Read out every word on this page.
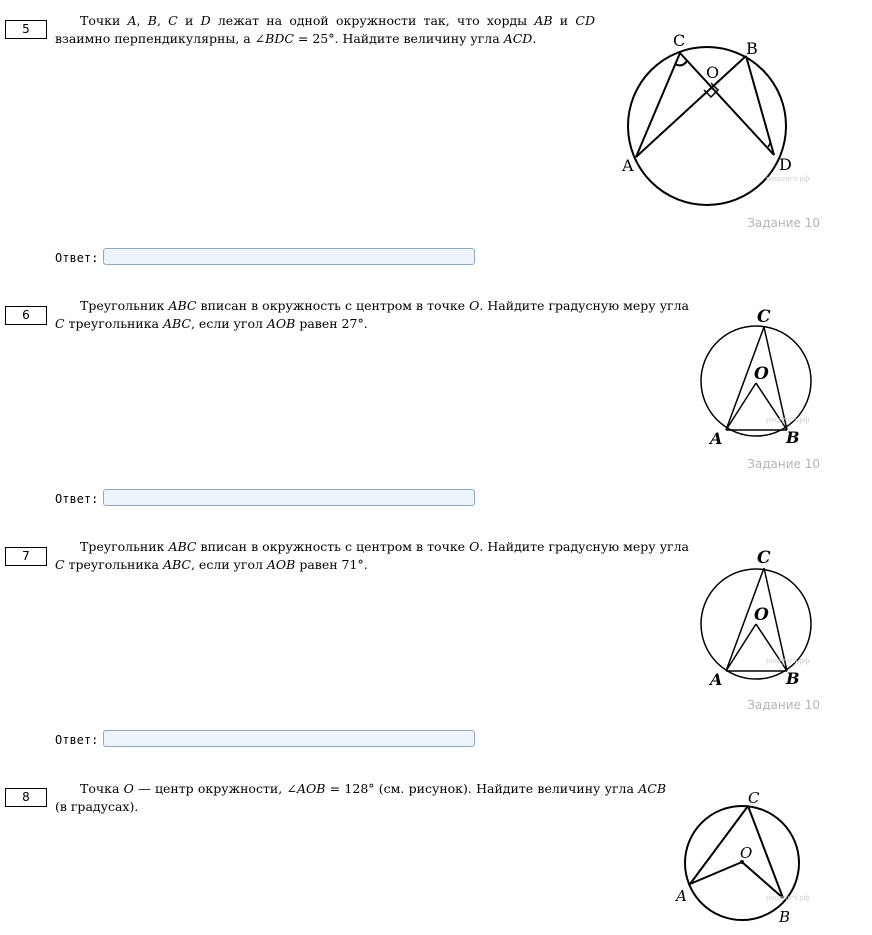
5
Точки A, B, C и D лежат на одной окружности так, что хорды AB и CD взаимно перпендикулярны, а ∠BDC = 25°. Найдите величину угла ACD.	C	B
O
A	D
решуогэ.рф
Задание 10
Ответ:
6
Треугольник ABC вписан в окружность с центром в точке O. Найдите градусную меру угла C треугольника ABC, если угол AOB равен 27°.	C
O
A	B
решуогэ.рф
Задание 10
Ответ:
7
Треугольник ABC вписан в окружность с центром в точке O. Найдите градусную меру угла C треугольника ABC, если угол AOB равен 71°.	C
O
A	B
решуогэ.рф
Задание 10
Ответ:
8
Точка O — центр окружности, ∠AOB = 128° (см. рисунок). Найдите величину угла ACB (в градусах).	C
O
A
B
решуогэ.рф
